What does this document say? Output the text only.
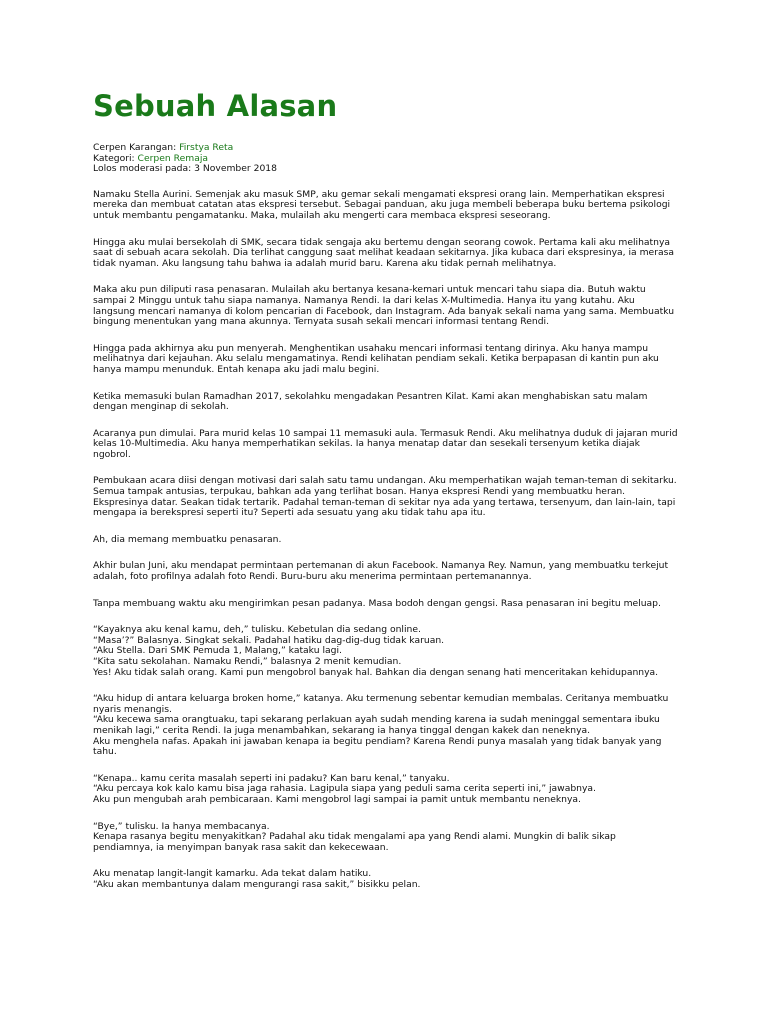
Sebuah Alasan
Cerpen Karangan: Firstya Reta
Kategori: Cerpen Remaja
Lolos moderasi pada: 3 November 2018

Namaku Stella Aurini. Semenjak aku masuk SMP, aku gemar sekali mengamati ekspresi orang lain. Memperhatikan ekspresi mereka dan membuat catatan atas ekspresi tersebut. Sebagai panduan, aku juga membeli beberapa buku bertema psikologi untuk membantu pengamatanku. Maka, mulailah aku mengerti cara membaca ekspresi seseorang.

Hingga aku mulai bersekolah di SMK, secara tidak sengaja aku bertemu dengan seorang cowok. Pertama kali aku melihatnya saat di sebuah acara sekolah. Dia terlihat canggung saat melihat keadaan sekitarnya. Jika kubaca dari ekspresinya, ia merasa tidak nyaman. Aku langsung tahu bahwa ia adalah murid baru. Karena aku tidak pernah melihatnya.

Maka aku pun diliputi rasa penasaran. Mulailah aku bertanya kesana-kemari untuk mencari tahu siapa dia. Butuh waktu sampai 2 Minggu untuk tahu siapa namanya. Namanya Rendi. Ia dari kelas X-Multimedia. Hanya itu yang kutahu. Aku langsung mencari namanya di kolom pencarian di Facebook, dan Instagram. Ada banyak sekali nama yang sama. Membuatku bingung menentukan yang mana akunnya. Ternyata susah sekali mencari informasi tentang Rendi.

Hingga pada akhirnya aku pun menyerah. Menghentikan usahaku mencari informasi tentang dirinya. Aku hanya mampu melihatnya dari kejauhan. Aku selalu mengamatinya. Rendi kelihatan pendiam sekali. Ketika berpapasan di kantin pun aku hanya mampu menunduk. Entah kenapa aku jadi malu begini.

Ketika memasuki bulan Ramadhan 2017, sekolahku mengadakan Pesantren Kilat. Kami akan menghabiskan satu malam dengan menginap di sekolah.

Acaranya pun dimulai. Para murid kelas 10 sampai 11 memasuki aula. Termasuk Rendi. Aku melihatnya duduk di jajaran murid kelas 10-Multimedia. Aku hanya memperhatikan sekilas. Ia hanya menatap datar dan sesekali tersenyum ketika diajak ngobrol.

Pembukaan acara diisi dengan motivasi dari salah satu tamu undangan. Aku memperhatikan wajah teman-teman di sekitarku. Semua tampak antusias, terpukau, bahkan ada yang terlihat bosan. Hanya ekspresi Rendi yang membuatku heran. Ekspresinya datar. Seakan tidak tertarik. Padahal teman-teman di sekitar nya ada yang tertawa, tersenyum, dan lain-lain, tapi mengapa ia berekspresi seperti itu? Seperti ada sesuatu yang aku tidak tahu apa itu.

Ah, dia memang membuatku penasaran.

Akhir bulan Juni, aku mendapat permintaan pertemanan di akun Facebook. Namanya Rey. Namun, yang membuatku terkejut adalah, foto profilnya adalah foto Rendi. Buru-buru aku menerima permintaan pertemanannya.

Tanpa membuang waktu aku mengirimkan pesan padanya. Masa bodoh dengan gengsi. Rasa penasaran ini begitu meluap.

“Kayaknya aku kenal kamu, deh,” tulisku. Kebetulan dia sedang online.
“Masa’?” Balasnya. Singkat sekali. Padahal hatiku dag-dig-dug tidak karuan.
“Aku Stella. Dari SMK Pemuda 1, Malang,” kataku lagi.
“Kita satu sekolahan. Namaku Rendi,” balasnya 2 menit kemudian.
Yes! Aku tidak salah orang. Kami pun mengobrol banyak hal. Bahkan dia dengan senang hati menceritakan kehidupannya.

“Aku hidup di antara keluarga broken home,” katanya. Aku termenung sebentar kemudian membalas. Ceritanya membuatku nyaris menangis.
“Aku kecewa sama orangtuaku, tapi sekarang perlakuan ayah sudah mending karena ia sudah meninggal sementara ibuku menikah lagi,” cerita Rendi. Ia juga menambahkan, sekarang ia hanya tinggal dengan kakek dan neneknya.
Aku menghela nafas. Apakah ini jawaban kenapa ia begitu pendiam? Karena Rendi punya masalah yang tidak banyak yang tahu.

“Kenapa.. kamu cerita masalah seperti ini padaku? Kan baru kenal,” tanyaku.
“Aku percaya kok kalo kamu bisa jaga rahasia. Lagipula siapa yang peduli sama cerita seperti ini,” jawabnya.
Aku pun mengubah arah pembicaraan. Kami mengobrol lagi sampai ia pamit untuk membantu neneknya.

“Bye,” tulisku. Ia hanya membacanya.
Kenapa rasanya begitu menyakitkan? Padahal aku tidak mengalami apa yang Rendi alami. Mungkin di balik sikap pendiamnya, ia menyimpan banyak rasa sakit dan kekecewaan.

Aku menatap langit-langit kamarku. Ada tekat dalam hatiku.
“Aku akan membantunya dalam mengurangi rasa sakit,” bisikku pelan.
